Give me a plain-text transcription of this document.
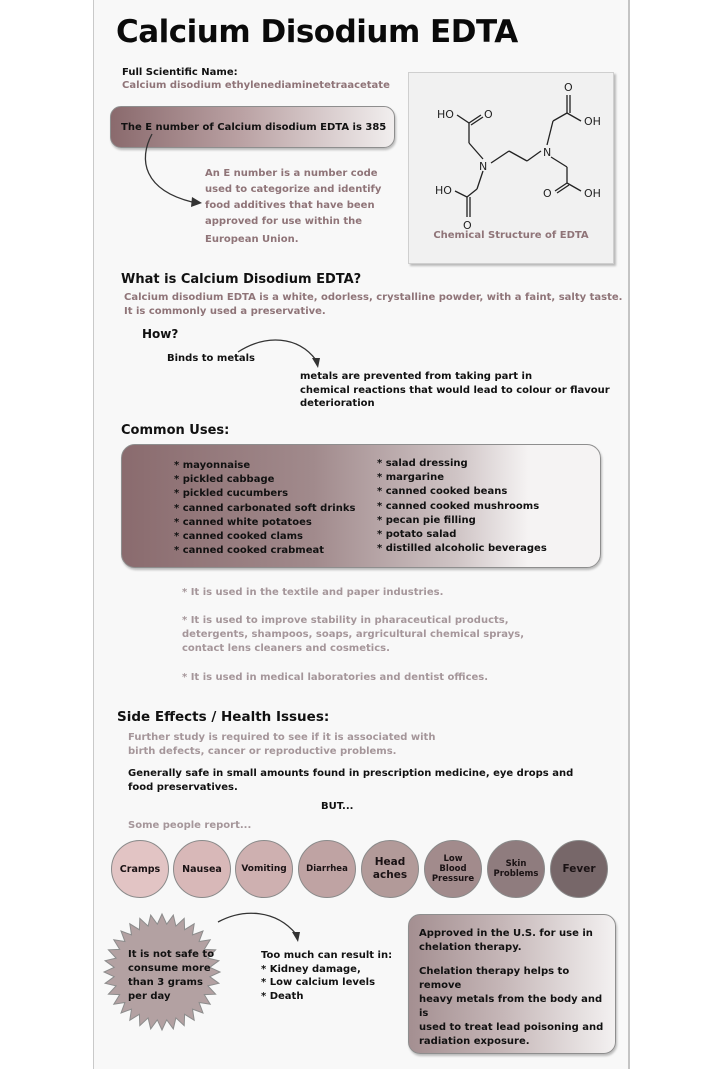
Calcium Disodium EDTA
Full Scientific Name:
Calcium disodium ethylenediaminetetraacetate
The E number of Calcium disodium EDTA is 385
An E number is a number code
used to categorize and identify
food additives that have been
approved for use within the
European Union.
HO	O
N
N
O
OH
HO
O
O	OH
Chemical Structure of EDTA
What is Calcium Disodium EDTA?
Calcium disodium EDTA is a white, odorless, crystalline powder, with a faint, salty taste.
It is commonly used a preservative.
How?
Binds to metals
metals are prevented from taking part in
chemical reactions that would lead to colour or flavour
deterioration
Common Uses:
* mayonnaise
* pickled cabbage
* pickled cucumbers
* canned carbonated soft drinks
* canned white potatoes
* canned cooked clams
* canned cooked crabmeat
* salad dressing
* margarine
* canned cooked beans
* canned cooked mushrooms
* pecan pie filling
* potato salad
* distilled alcoholic beverages
* It is used in the textile and paper industries.
* It is used to improve stability in pharaceutical products,
detergents, shampoos, soaps, argricultural chemical sprays,
contact lens cleaners and cosmetics.
* It is used in medical laboratories and dentist offices.
Side Effects / Health Issues:
Further study is required to see if it is associated with
birth defects, cancer or reproductive problems.
Generally safe in small amounts found in prescription medicine, eye drops and
food preservatives.
BUT...
Some people report...
Cramps Nausea Vomiting Diarrhea
Head aches
Low Blood Pressure
Skin Problems Fever
It is not safe to
consume more
than 3 grams
per day
Too much can result in:
* Kidney damage,
* Low calcium levels
* Death
Approved in the U.S. for use in
chelation therapy.
Chelation therapy helps to remove
heavy metals from the body and is
used to treat lead poisoning and
radiation exposure.
